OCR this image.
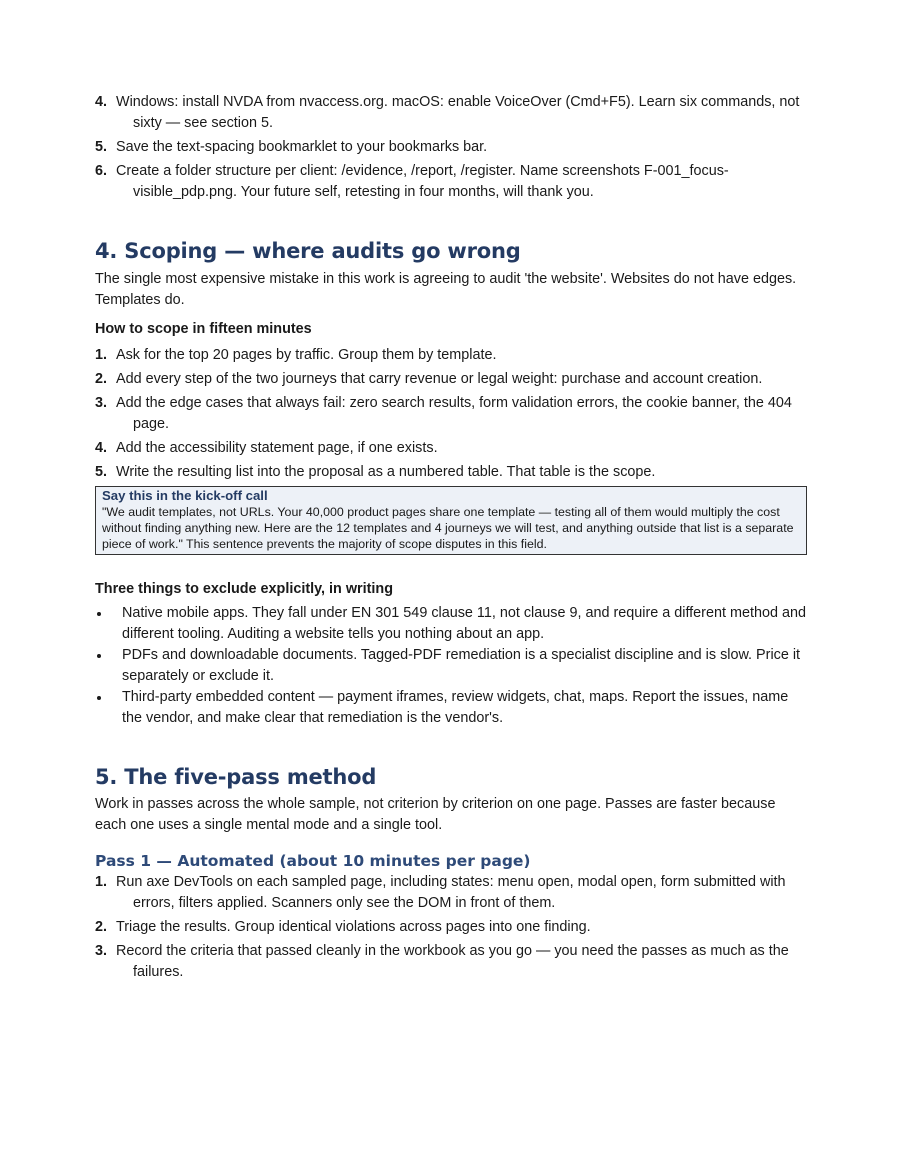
4. Windows: install NVDA from nvaccess.org. macOS: enable VoiceOver (Cmd+F5). Learn six commands, not sixty — see section 5.
5. Save the text-spacing bookmarklet to your bookmarks bar.
6. Create a folder structure per client: /evidence, /report, /register. Name screenshots F-001_focus-visible_pdp.png. Your future self, retesting in four months, will thank you.
4. Scoping — where audits go wrong

The single most expensive mistake in this work is agreeing to audit 'the website'. Websites do not have edges. Templates do.

How to scope in fifteen minutes

1. Ask for the top 20 pages by traffic. Group them by template.
2. Add every step of the two journeys that carry revenue or legal weight: purchase and account creation.
3. Add the edge cases that always fail: zero search results, form validation errors, the cookie banner, the 404 page.
4. Add the accessibility statement page, if one exists.
5. Write the resulting list into the proposal as a numbered table. That table is the scope.
Say this in the kick-off call
"We audit templates, not URLs. Your 40,000 product pages share one template — testing all of them would multiply the cost without finding anything new. Here are the 12 templates and 4 journeys we will test, and anything outside that list is a separate piece of work." This sentence prevents the majority of scope disputes in this field.

Three things to exclude explicitly, in writing

Native mobile apps. They fall under EN 301 549 clause 11, not clause 9, and require a different method and different tooling. Auditing a website tells you nothing about an app.
PDFs and downloadable documents. Tagged-PDF remediation is a specialist discipline and is slow. Price it separately or exclude it.
Third-party embedded content — payment iframes, review widgets, chat, maps. Report the issues, name the vendor, and make clear that remediation is the vendor's.
5. The five-pass method

Work in passes across the whole sample, not criterion by criterion on one page. Passes are faster because each one uses a single mental mode and a single tool.

Pass 1 — Automated (about 10 minutes per page)
1. Run axe DevTools on each sampled page, including states: menu open, modal open, form submitted with errors, filters applied. Scanners only see the DOM in front of them.
2. Triage the results. Group identical violations across pages into one finding.
3. Record the criteria that passed cleanly in the workbook as you go — you need the passes as much as the failures.
